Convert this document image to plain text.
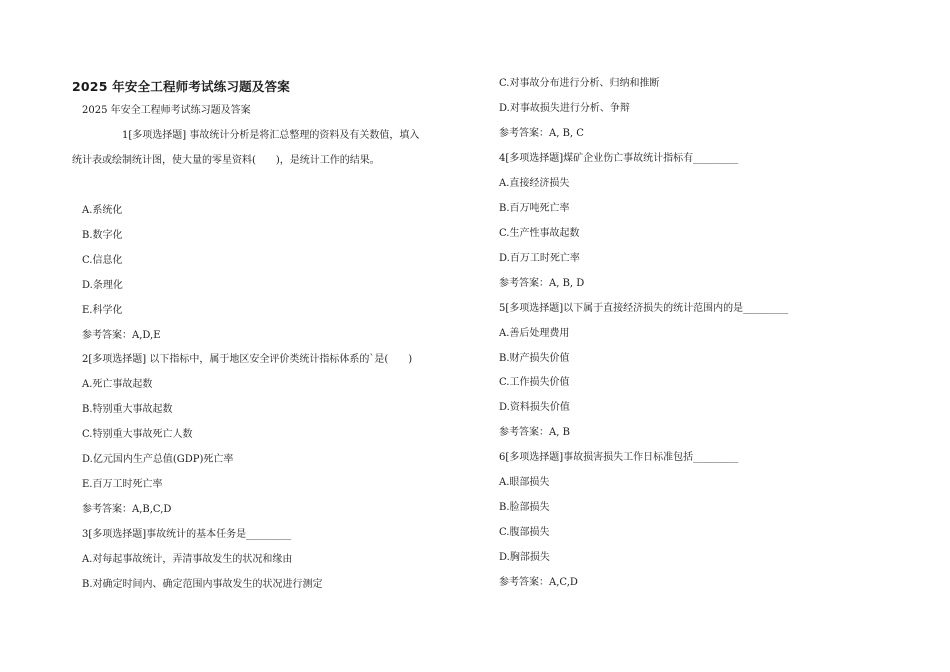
2025 年安全工程师考试练习题及答案
2025 年安全工程师考试练习题及答案
1[多项选择题] 事故统计分析是将汇总整理的资料及有关数值，填入
统计表或绘制统计图，使大量的零星资料(　　)，是统计工作的结果。
A.系统化
B.数字化
C.信息化
D.条理化
E.科学化
参考答案：A,D,E
2[多项选择题] 以下指标中，属于地区安全评价类统计指标体系的`是(　　)
A.死亡事故起数
B.特别重大事故起数
C.特别重大事故死亡人数
D.亿元国内生产总值(GDP)死亡率
E.百万工时死亡率
参考答案：A,B,C,D
3[多项选择题]事故统计的基本任务是_________
A.对每起事故统计，弄清事故发生的状况和缘由
B.对确定时间内、确定范围内事故发生的状况进行测定
C.对事故分布进行分析、归纳和推断
D.对事故损失进行分析、争辩
参考答案：A, B, C
4[多项选择题]煤矿企业伤亡事故统计指标有_________
A.直接经济损失
B.百万吨死亡率
C.生产性事故起数
D.百万工时死亡率
参考答案：A, B, D
5[多项选择题]以下属于直接经济损失的统计范围内的是_________
A.善后处理费用
B.财产损失价值
C.工作损失价值
D.资料损失价值
参考答案：A, B
6[多项选择题]事故损害损失工作日标准包括_________
A.眼部损失
B.脸部损失
C.腹部损失
D.胸部损失
参考答案：A,C,D
